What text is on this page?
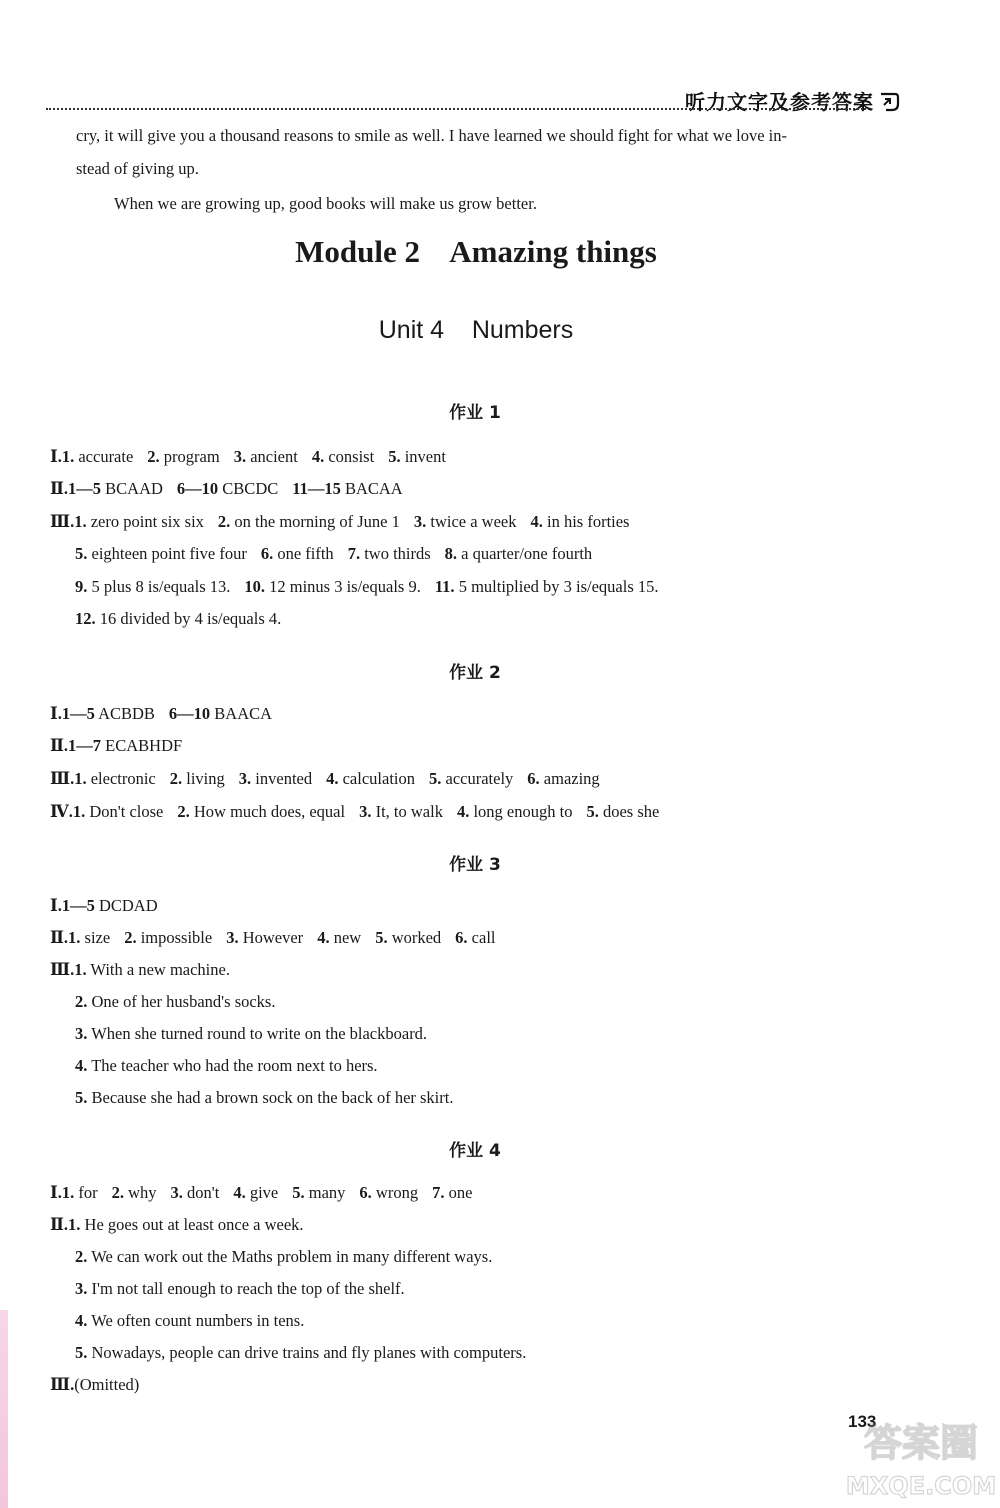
听力文字及参考答案
cry, it will give you a thousand reasons to smile as well. I have learned we should fight for what we love in-
stead of giving up.
When we are growing up, good books will make us grow better.
Module 2    Amazing things
Unit 4    Numbers
作业 1
Ⅰ.1. accurate 2. program 3. ancient 4. consist 5. invent
Ⅱ.1—5 BCAAD 6—10 CBCDC 11—15 BACAA
Ⅲ.1. zero point six six 2. on the morning of June 1 3. twice a week 4. in his forties
5. eighteen point five four 6. one fifth 7. two thirds 8. a quarter/one fourth
9. 5 plus 8 is/equals 13. 10. 12 minus 3 is/equals 9. 11. 5 multiplied by 3 is/equals 15.
12. 16 divided by 4 is/equals 4.
作业 2
Ⅰ.1—5 ACBDB 6—10 BAACA
Ⅱ.1—7 ECABHDF
Ⅲ.1. electronic 2. living 3. invented 4. calculation 5. accurately 6. amazing
Ⅳ.1. Don't close 2. How much does, equal 3. It, to walk 4. long enough to 5. does she
作业 3
Ⅰ.1—5 DCDAD
Ⅱ.1. size 2. impossible 3. However 4. new 5. worked 6. call
Ⅲ.1. With a new machine.
2. One of her husband's socks.
3. When she turned round to write on the blackboard.
4. The teacher who had the room next to hers.
5. Because she had a brown sock on the back of her skirt.
作业 4
Ⅰ.1. for 2. why 3. don't 4. give 5. many 6. wrong 7. one
Ⅱ.1. He goes out at least once a week.
2. We can work out the Maths problem in many different ways.
3. I'm not tall enough to reach the top of the shelf.
4. We often count numbers in tens.
5. Nowadays, people can drive trains and fly planes with computers.
Ⅲ.(Omitted)
133
答案圈
MXQE.COM
